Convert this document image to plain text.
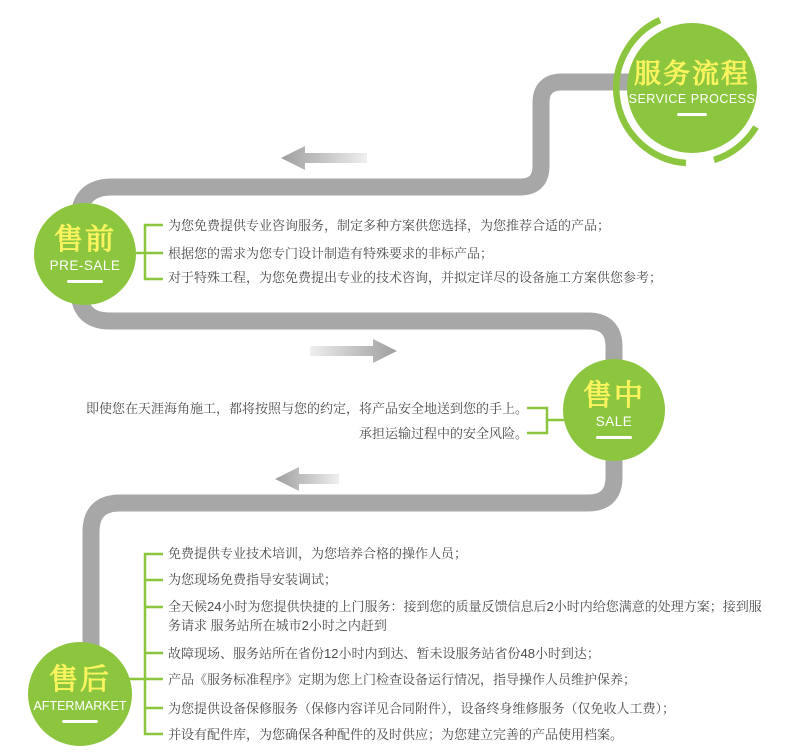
服务流程
SERVICE PROCESS
售前
PRE-SALE
售中
SALE
售后
AFTERMARKET
为您免费提供专业咨询服务，制定多种方案供您选择，为您推荐合适的产品；
根据您的需求为您专门设计制造有特殊要求的非标产品；
对于特殊工程，为您免费提出专业的技术咨询，并拟定详尽的设备施工方案供您参考；
即使您在天涯海角施工，都将按照与您的约定，将产品安全地送到您的手上。
承担运输过程中的安全风险。
免费提供专业技术培训，为您培养合格的操作人员；
为您现场免费指导安装调试；
全天候24小时为您提供快捷的上门服务：接到您的质量反馈信息后2小时内给您满意的处理方案；接到服务请求 服务站所在城市2小时之内赶到
故障现场、服务站所在省份12小时内到达、暂未设服务站省份48小时到达；
产品《服务标准程序》定期为您上门检查设备运行情况，指导操作人员维护保养；
为您提供设备保修服务（保修内容详见合同附件），设备终身维修服务（仅免收人工费）；
并设有配件库，为您确保各种配件的及时供应；为您建立完善的产品使用档案。
